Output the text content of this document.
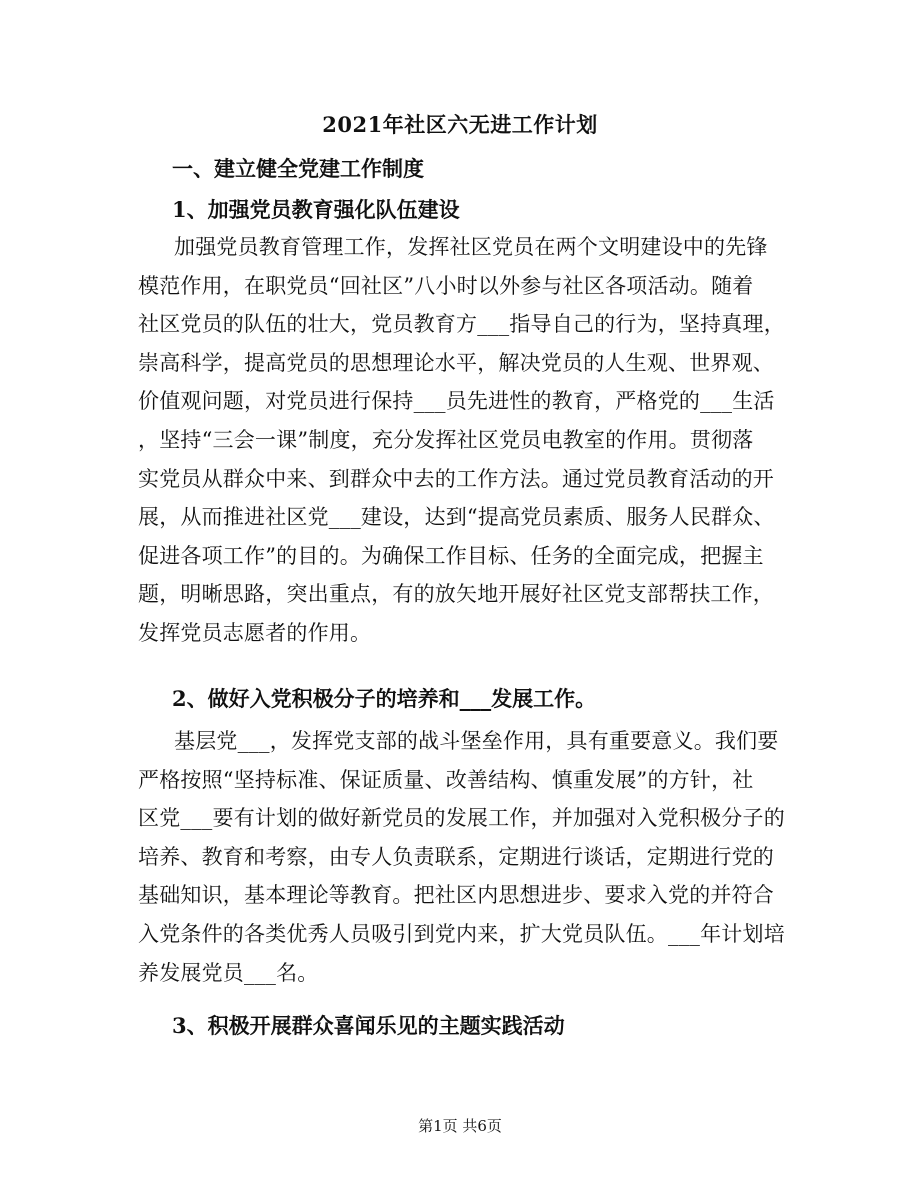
2021年社区六无进工作计划
一、建立健全党建工作制度
1、加强党员教育强化队伍建设
加强党员教育管理工作，发挥社区党员在两个文明建设中的先锋
模范作用，在职党员“回社区”八小时以外参与社区各项活动。随着
社区党员的队伍的壮大，党员教育方___指导自己的行为，坚持真理，
崇高科学，提高党员的思想理论水平，解决党员的人生观、世界观、
价值观问题，对党员进行保持___员先进性的教育，严格党的___生活
，坚持“三会一课”制度，充分发挥社区党员电教室的作用。贯彻落
实党员从群众中来、到群众中去的工作方法。通过党员教育活动的开
展，从而推进社区党___建设，达到“提高党员素质、服务人民群众、
促进各项工作”的目的。为确保工作目标、任务的全面完成，把握主
题，明晰思路，突出重点，有的放矢地开展好社区党支部帮扶工作，
发挥党员志愿者的作用。
2、做好入党积极分子的培养和___发展工作。
基层党___，发挥党支部的战斗堡垒作用，具有重要意义。我们要
严格按照“坚持标准、保证质量、改善结构、慎重发展”的方针，社
区党___要有计划的做好新党员的发展工作，并加强对入党积极分子的
培养、教育和考察，由专人负责联系，定期进行谈话，定期进行党的
基础知识，基本理论等教育。把社区内思想进步、要求入党的并符合
入党条件的各类优秀人员吸引到党内来，扩大党员队伍。___年计划培
养发展党员___名。
3、积极开展群众喜闻乐见的主题实践活动
第1页 共6页
